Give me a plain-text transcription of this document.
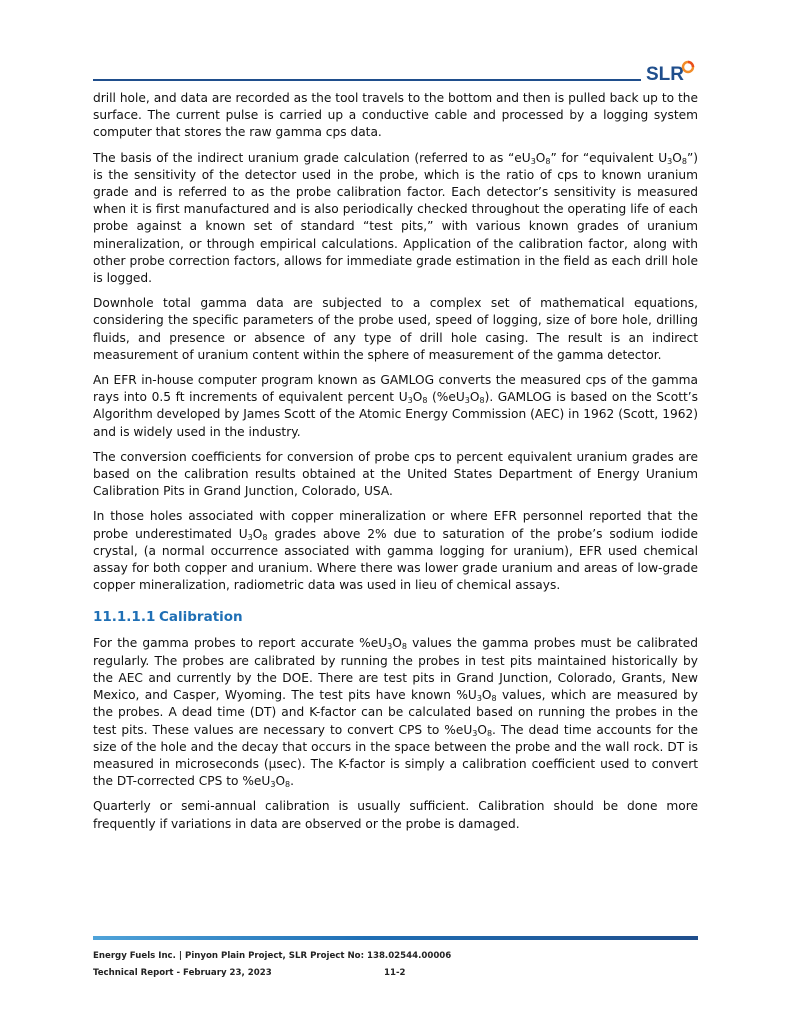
SLR

drill hole, and data are recorded as the tool travels to the bottom and then is pulled back up to the surface. The current pulse is carried up a conductive cable and processed by a logging system computer that stores the raw gamma cps data.

The basis of the indirect uranium grade calculation (referred to as “$eU_3O_8$” for “equivalent $U_3O_8$”) is the sensitivity of the detector used in the probe, which is the ratio of cps to known uranium grade and is referred to as the probe calibration factor. Each detector’s sensitivity is measured when it is first manufactured and is also periodically checked throughout the operating life of each probe against a known set of standard “test pits,” with various known grades of uranium mineralization, or through empirical calculations. Application of the calibration factor, along with other probe correction factors, allows for immediate grade estimation in the field as each drill hole is logged.

Downhole total gamma data are subjected to a complex set of mathematical equations, considering the specific parameters of the probe used, speed of logging, size of bore hole, drilling fluids, and presence or absence of any type of drill hole casing. The result is an indirect measurement of uranium content within the sphere of measurement of the gamma detector.

An EFR in-house computer program known as GAMLOG converts the measured cps of the gamma rays into 0.5 ft increments of equivalent percent $U_3O_8$ $(\%eU_3O_8)$. GAMLOG is based on the Scott’s Algorithm developed by James Scott of the Atomic Energy Commission (AEC) in 1962 (Scott, 1962) and is widely used in the industry.

The conversion coefficients for conversion of probe cps to percent equivalent uranium grades are based on the calibration results obtained at the United States Department of Energy Uranium Calibration Pits in Grand Junction, Colorado, USA.

In those holes associated with copper mineralization or where EFR personnel reported that the probe underestimated $U_3O_8$ grades above 2% due to saturation of the probe’s sodium iodide crystal, (a normal occurrence associated with gamma logging for uranium), EFR used chemical assay for both copper and uranium. Where there was lower grade uranium and areas of low-grade copper mineralization, radiometric data was used in lieu of chemical assays.

11.1.1.1 Calibration

For the gamma probes to report accurate $\%eU_3O_8$ values the gamma probes must be calibrated regularly. The probes are calibrated by running the probes in test pits maintained historically by the AEC and currently by the DOE. There are test pits in Grand Junction, Colorado, Grants, New Mexico, and Casper, Wyoming. The test pits have known $\%U_3O_8$ values, which are measured by the probes. A dead time (DT) and K-factor can be calculated based on running the probes in the test pits. These values are necessary to convert CPS to $\%eU_3O_8$. The dead time accounts for the size of the hole and the decay that occurs in the space between the probe and the wall rock. DT is measured in microseconds (µsec). The K-factor is simply a calibration coefficient used to convert the DT-corrected CPS to $\%eU_3O_8$.

Quarterly or semi-annual calibration is usually sufficient. Calibration should be done more frequently if variations in data are observed or the probe is damaged.

Energy Fuels Inc. | Pinyon Plain Project, SLR Project No: 138.02544.00006
Technical Report - February 23, 2023	11-2
